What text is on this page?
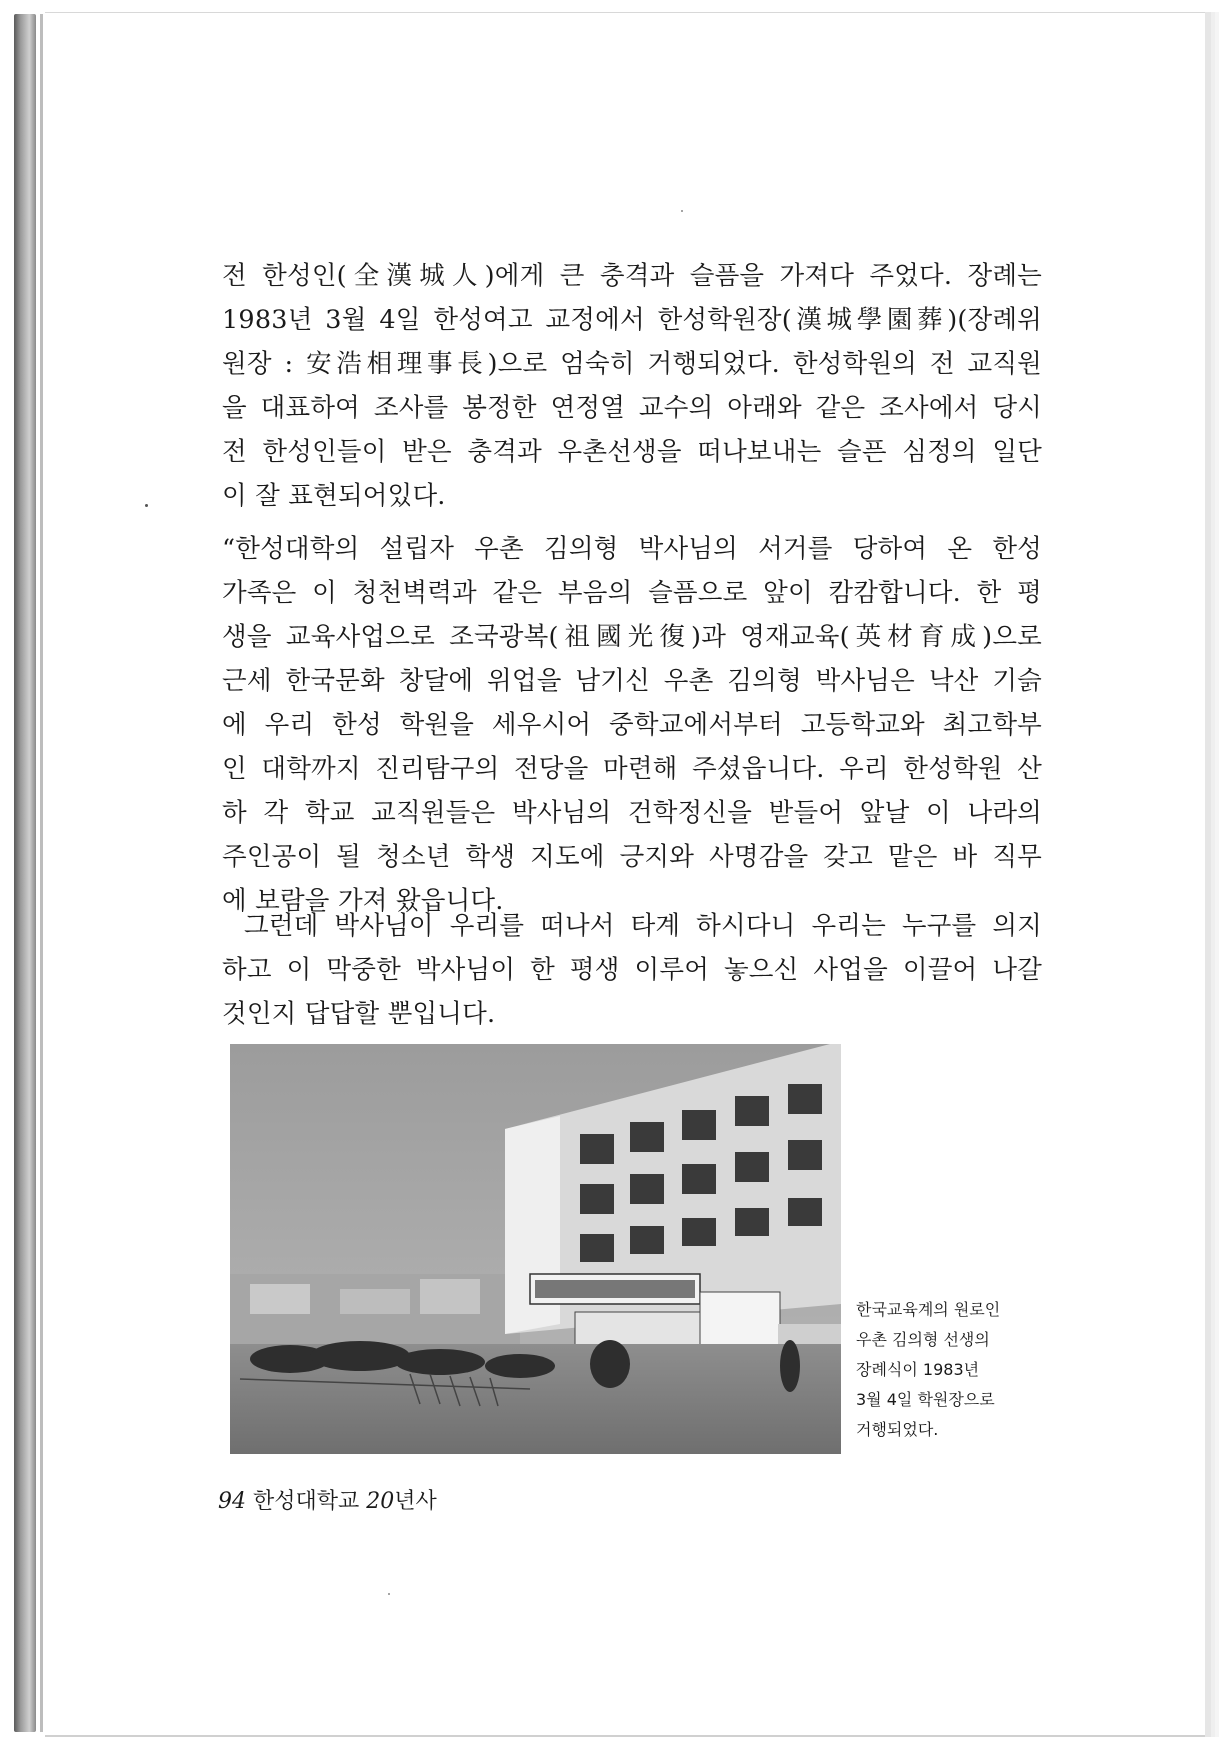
전 한성인(全漢城人)에게 큰 충격과 슬픔을 가져다 주었다. 장례는
1983년 3월 4일 한성여고 교정에서 한성학원장(漢城學園葬)(장례위
원장 : 安浩相理事長)으로 엄숙히 거행되었다. 한성학원의 전 교직원
을 대표하여 조사를 봉정한 연정열 교수의 아래와 같은 조사에서 당시
전 한성인들이 받은 충격과 우촌선생을 떠나보내는 슬픈 심정의 일단
이 잘 표현되어있다.
“한성대학의 설립자 우촌 김의형 박사님의 서거를 당하여 온 한성
가족은 이 청천벽력과 같은 부음의 슬픔으로 앞이 캄캄합니다. 한 평
생을 교육사업으로 조국광복(祖國光復)과 영재교육(英材育成)으로
근세 한국문화 창달에 위업을 남기신 우촌 김의형 박사님은 낙산 기슭
에 우리 한성 학원을 세우시어 중학교에서부터 고등학교와 최고학부
인 대학까지 진리탐구의 전당을 마련해 주셨읍니다. 우리 한성학원 산
하 각 학교 교직원들은 박사님의 건학정신을 받들어 앞날 이 나라의
주인공이 될 청소년 학생 지도에 긍지와 사명감을 갖고 맡은 바 직무
에 보람을 가져 왔읍니다.
그런데 박사님이 우리를 떠나서 타계 하시다니 우리는 누구를 의지
하고 이 막중한 박사님이 한 평생 이루어 놓으신 사업을 이끌어 나갈
것인지 답답할 뿐입니다.
한국교육계의 원로인
우촌 김의형 선생의
장례식이 1983년
3월 4일 학원장으로
거행되었다.
94 한성대학교 20년사
